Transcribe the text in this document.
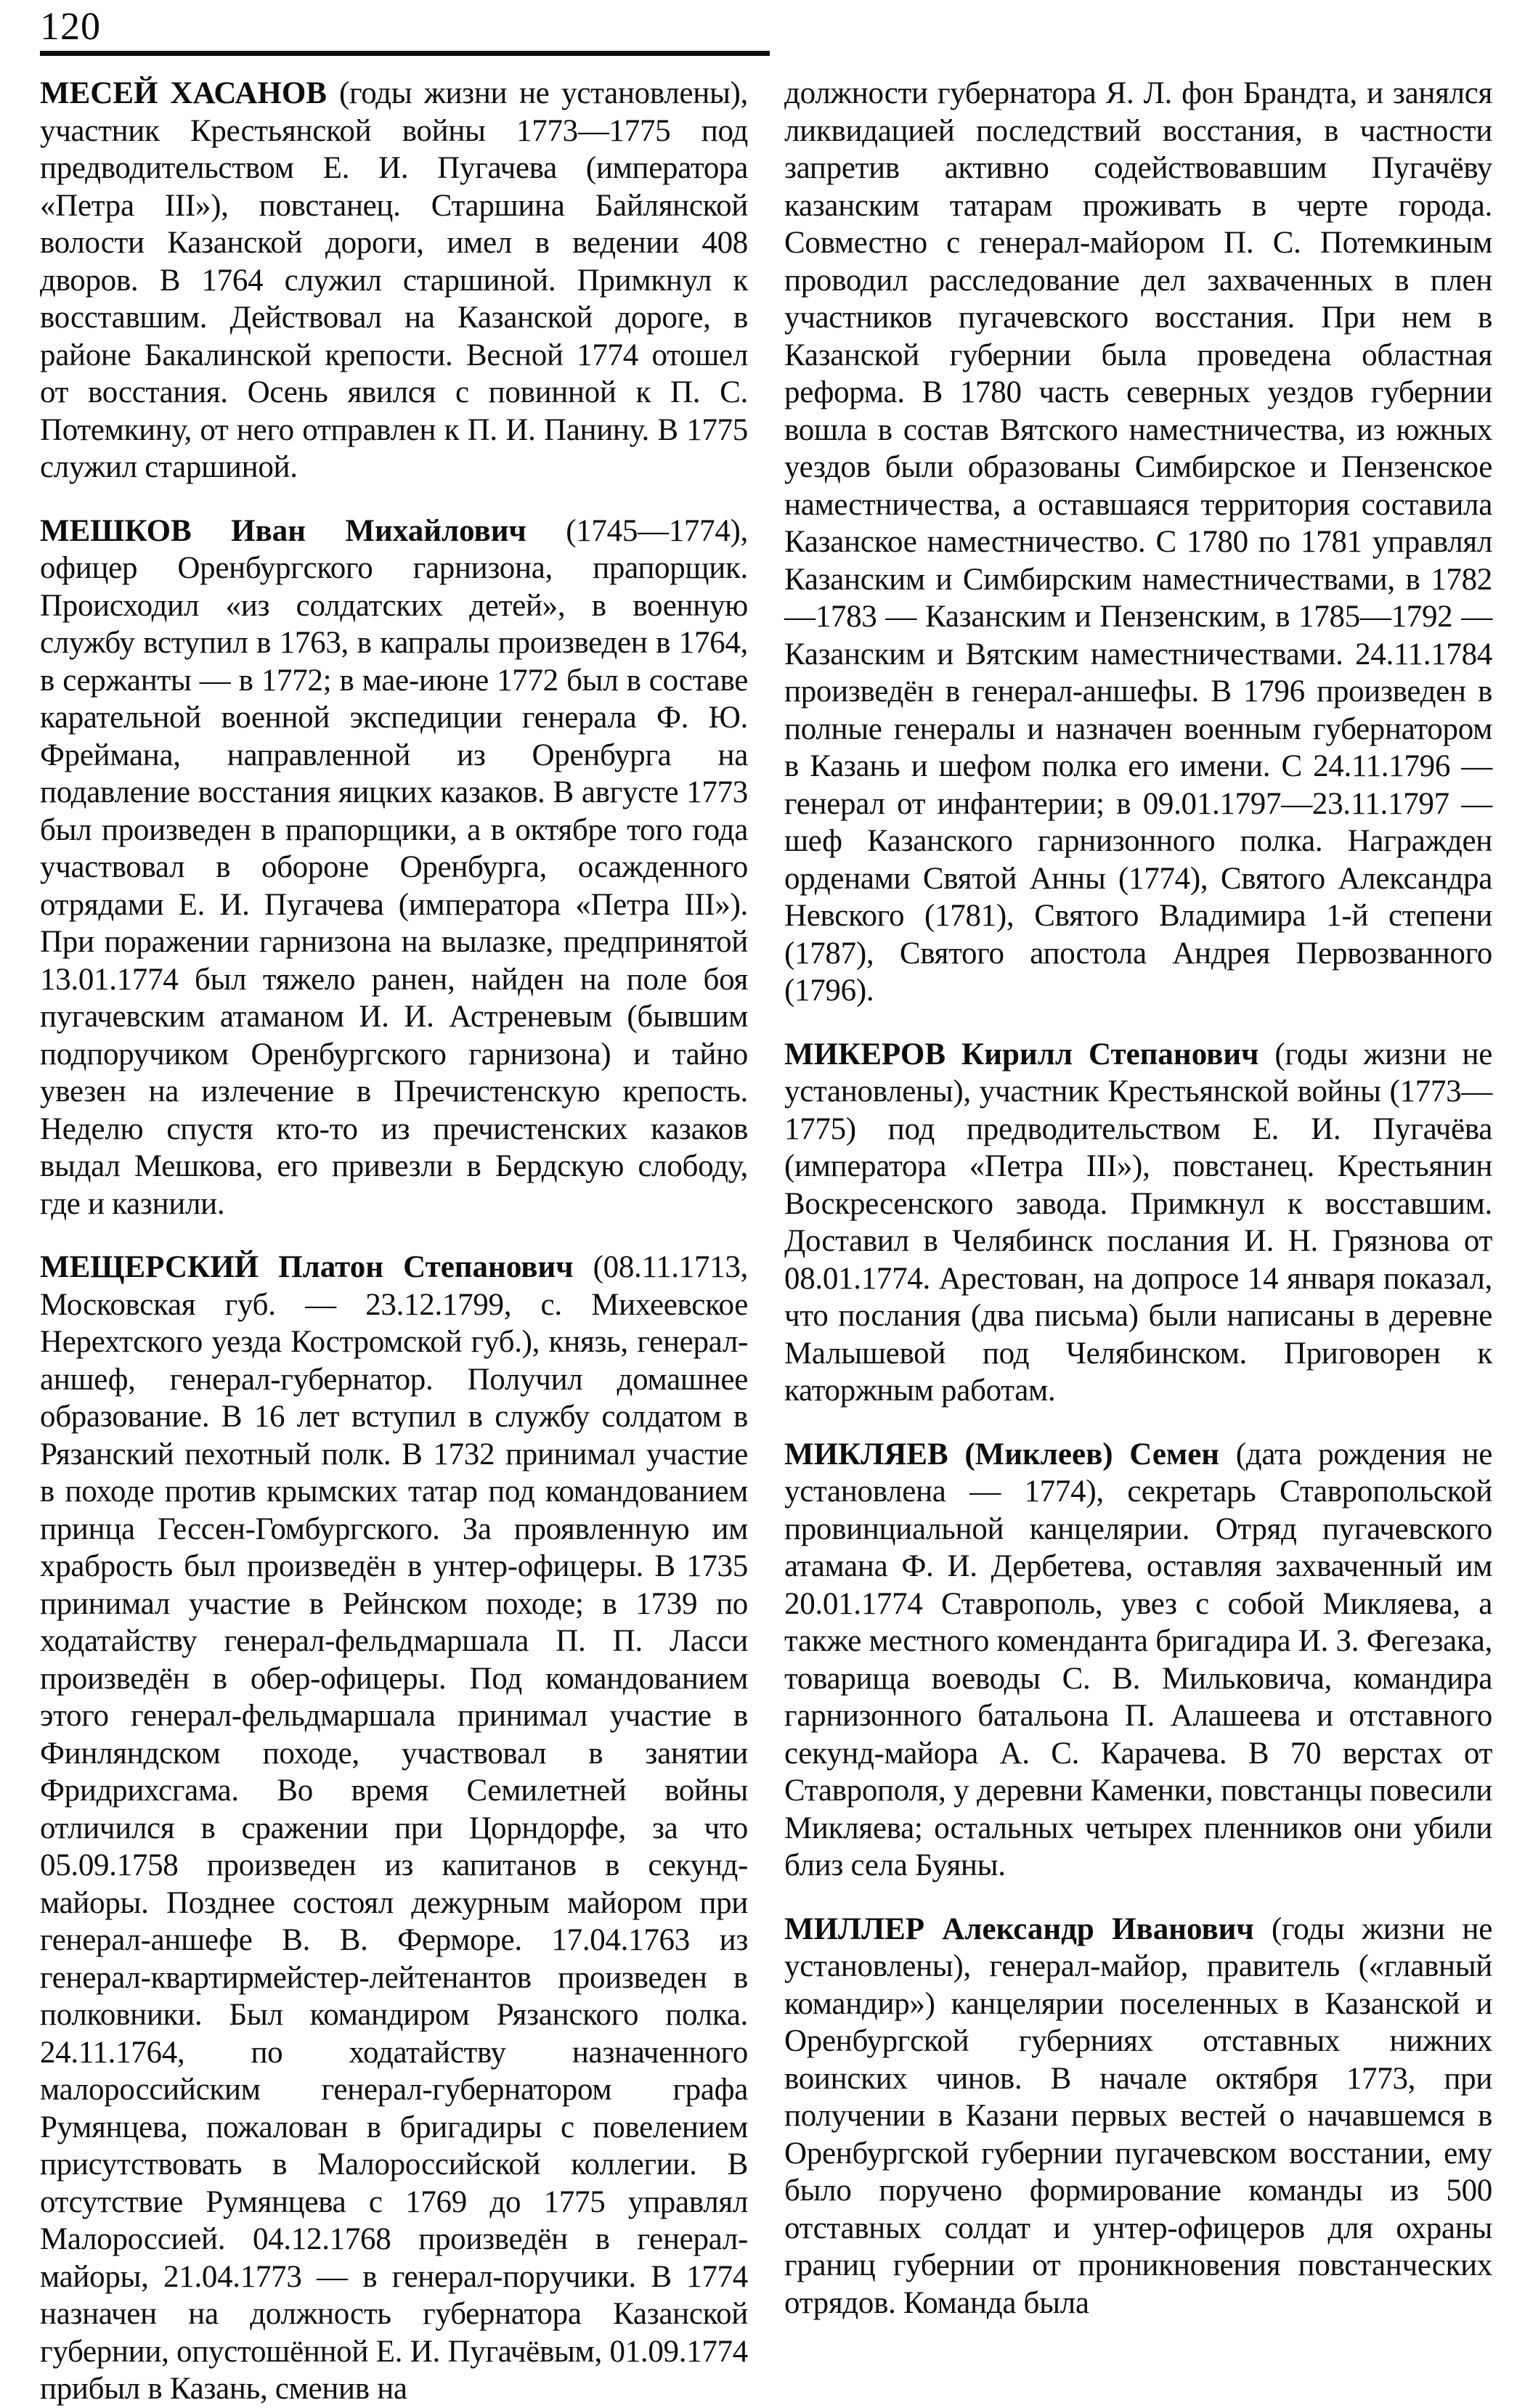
120

МЕСЕЙ ХАСАНОВ (годы жизни не установлены), участник Крестьянской войны 1773—1775 под предводительством Е. И. Пугачева (императора «Петра III»), повстанец. Старшина Байлянской волости Казанской дороги, имел в ведении 408 дворов. В 1764 служил старшиной. Примкнул к восставшим. Действовал на Казанской дороге, в районе Бакалинской крепости. Весной 1774 отошел от восстания. Осень явился с повинной к П. С. Потемкину, от него отправлен к П. И. Панину. В 1775 служил старшиной.

МЕШКОВ Иван Михайлович (1745—1774), офицер Оренбургского гарнизона, прапорщик. Происходил «из солдатских детей», в военную службу вступил в 1763, в капралы произведен в 1764, в сержанты — в 1772; в мае-июне 1772 был в составе карательной военной экспедиции генерала Ф. Ю. Фреймана, направленной из Оренбурга на подавление восстания яицких казаков. В августе 1773 был произведен в прапорщики, а в октябре того года участвовал в обороне Оренбурга, осажденного отрядами Е. И. Пугачева (императора «Петра III»). При поражении гарнизона на вылазке, предпринятой 13.01.1774 был тяжело ранен, найден на поле боя пугачевским атаманом И. И. Астреневым (бывшим подпоручиком Оренбургского гарнизона) и тайно увезен на излечение в Пречистенскую крепость. Неделю спустя кто-то из пречистенских казаков выдал Мешкова, его привезли в Бердскую слободу, где и казнили.

МЕЩЕРСКИЙ Платон Степанович (08.11.1713, Московская губ. — 23.12.1799, с. Михеевское Нерехтского уезда Костромской губ.), князь, генерал-аншеф, генерал-губернатор. Получил домашнее образование. В 16 лет вступил в службу солдатом в Рязанский пехотный полк. В 1732 принимал участие в походе против крымских татар под командованием принца Гессен-Гомбургского. За проявленную им храбрость был произведён в унтер-офицеры. В 1735 принимал участие в Рейнском походе; в 1739 по ходатайству генерал-фельдмаршала П. П. Ласси произведён в обер-офицеры. Под командованием этого генерал-фельдмаршала принимал участие в Финляндском походе, участвовал в занятии Фридрихсгама. Во время Семилетней войны отличился в сражении при Цорндорфе, за что 05.09.1758 произведен из капитанов в секунд-майоры. Позднее состоял дежурным майором при генерал-аншефе В. В. Ферморе. 17.04.1763 из генерал-квартирмейстер-лейтенантов произведен в полковники. Был командиром Рязанского полка. 24.11.1764, по ходатайству назначенного малороссийским генерал-губернатором графа Румянцева, пожалован в бригадиры с повелением присутствовать в Малороссийской коллегии. В отсутствие Румянцева с 1769 до 1775 управлял Малороссией. 04.12.1768 произведён в генерал-майоры, 21.04.1773 — в генерал-поручики. В 1774 назначен на должность губернатора Казанской губернии, опустошённой Е. И. Пугачёвым, 01.09.1774 прибыл в Казань, сменив на

должности губернатора Я. Л. фон Брандта, и занялся ликвидацией последствий восстания, в частности запретив активно содействовавшим Пугачёву казанским татарам проживать в черте города. Совместно с генерал-майором П. С. Потемкиным проводил расследование дел захваченных в плен участников пугачевского восстания. При нем в Казанской губернии была проведена областная реформа. В 1780 часть северных уездов губернии вошла в состав Вятского наместничества, из южных уездов были образованы Симбирское и Пензенское наместничества, а оставшаяся территория составила Казанское наместничество. С 1780 по 1781 управлял Казанским и Симбирским наместничествами, в 1782—1783 — Казанским и Пензенским, в 1785—1792 — Казанским и Вятским наместничествами. 24.11.1784 произведён в генерал-аншефы. В 1796 произведен в полные генералы и назначен военным губернатором в Казань и шефом полка его имени. С 24.11.1796 — генерал от инфантерии; в 09.01.1797—23.11.1797 — шеф Казанского гарнизонного полка. Награжден орденами Святой Анны (1774), Святого Александра Невского (1781), Святого Владимира 1-й степени (1787), Святого апостола Андрея Первозванного (1796).

МИКЕРОВ Кирилл Степанович (годы жизни не установлены), участник Крестьянской войны (1773—1775) под предводительством Е. И. Пугачёва (императора «Петра III»), повстанец. Крестьянин Воскресенского завода. Примкнул к восставшим. Доставил в Челябинск послания И. Н. Грязнова от 08.01.1774. Арестован, на допросе 14 января показал, что послания (два письма) были написаны в деревне Малышевой под Челябинском. Приговорен к каторжным работам.

МИКЛЯЕВ (Миклеев) Семен (дата рождения не установлена — 1774), секретарь Ставропольской провинциальной канцелярии. Отряд пугачевского атамана Ф. И. Дербетева, оставляя захваченный им 20.01.1774 Ставрополь, увез с собой Микляева, а также местного коменданта бригадира И. З. Фегезака, товарища воеводы С. В. Мильковича, командира гарнизонного батальона П. Алашеева и отставного секунд-майора А. С. Карачева. В 70 верстах от Ставрополя, у деревни Каменки, повстанцы повесили Микляева; остальных четырех пленников они убили близ села Буяны.

МИЛЛЕР Александр Иванович (годы жизни не установлены), генерал-майор, правитель («главный командир») канцелярии поселенных в Казанской и Оренбургской губерниях отставных нижних воинских чинов. В начале октября 1773, при получении в Казани первых вестей о начавшемся в Оренбургской губернии пугачевском восстании, ему было поручено формирование команды из 500 отставных солдат и унтер-офицеров для охраны границ губернии от проникновения повстанческих отрядов. Команда была
